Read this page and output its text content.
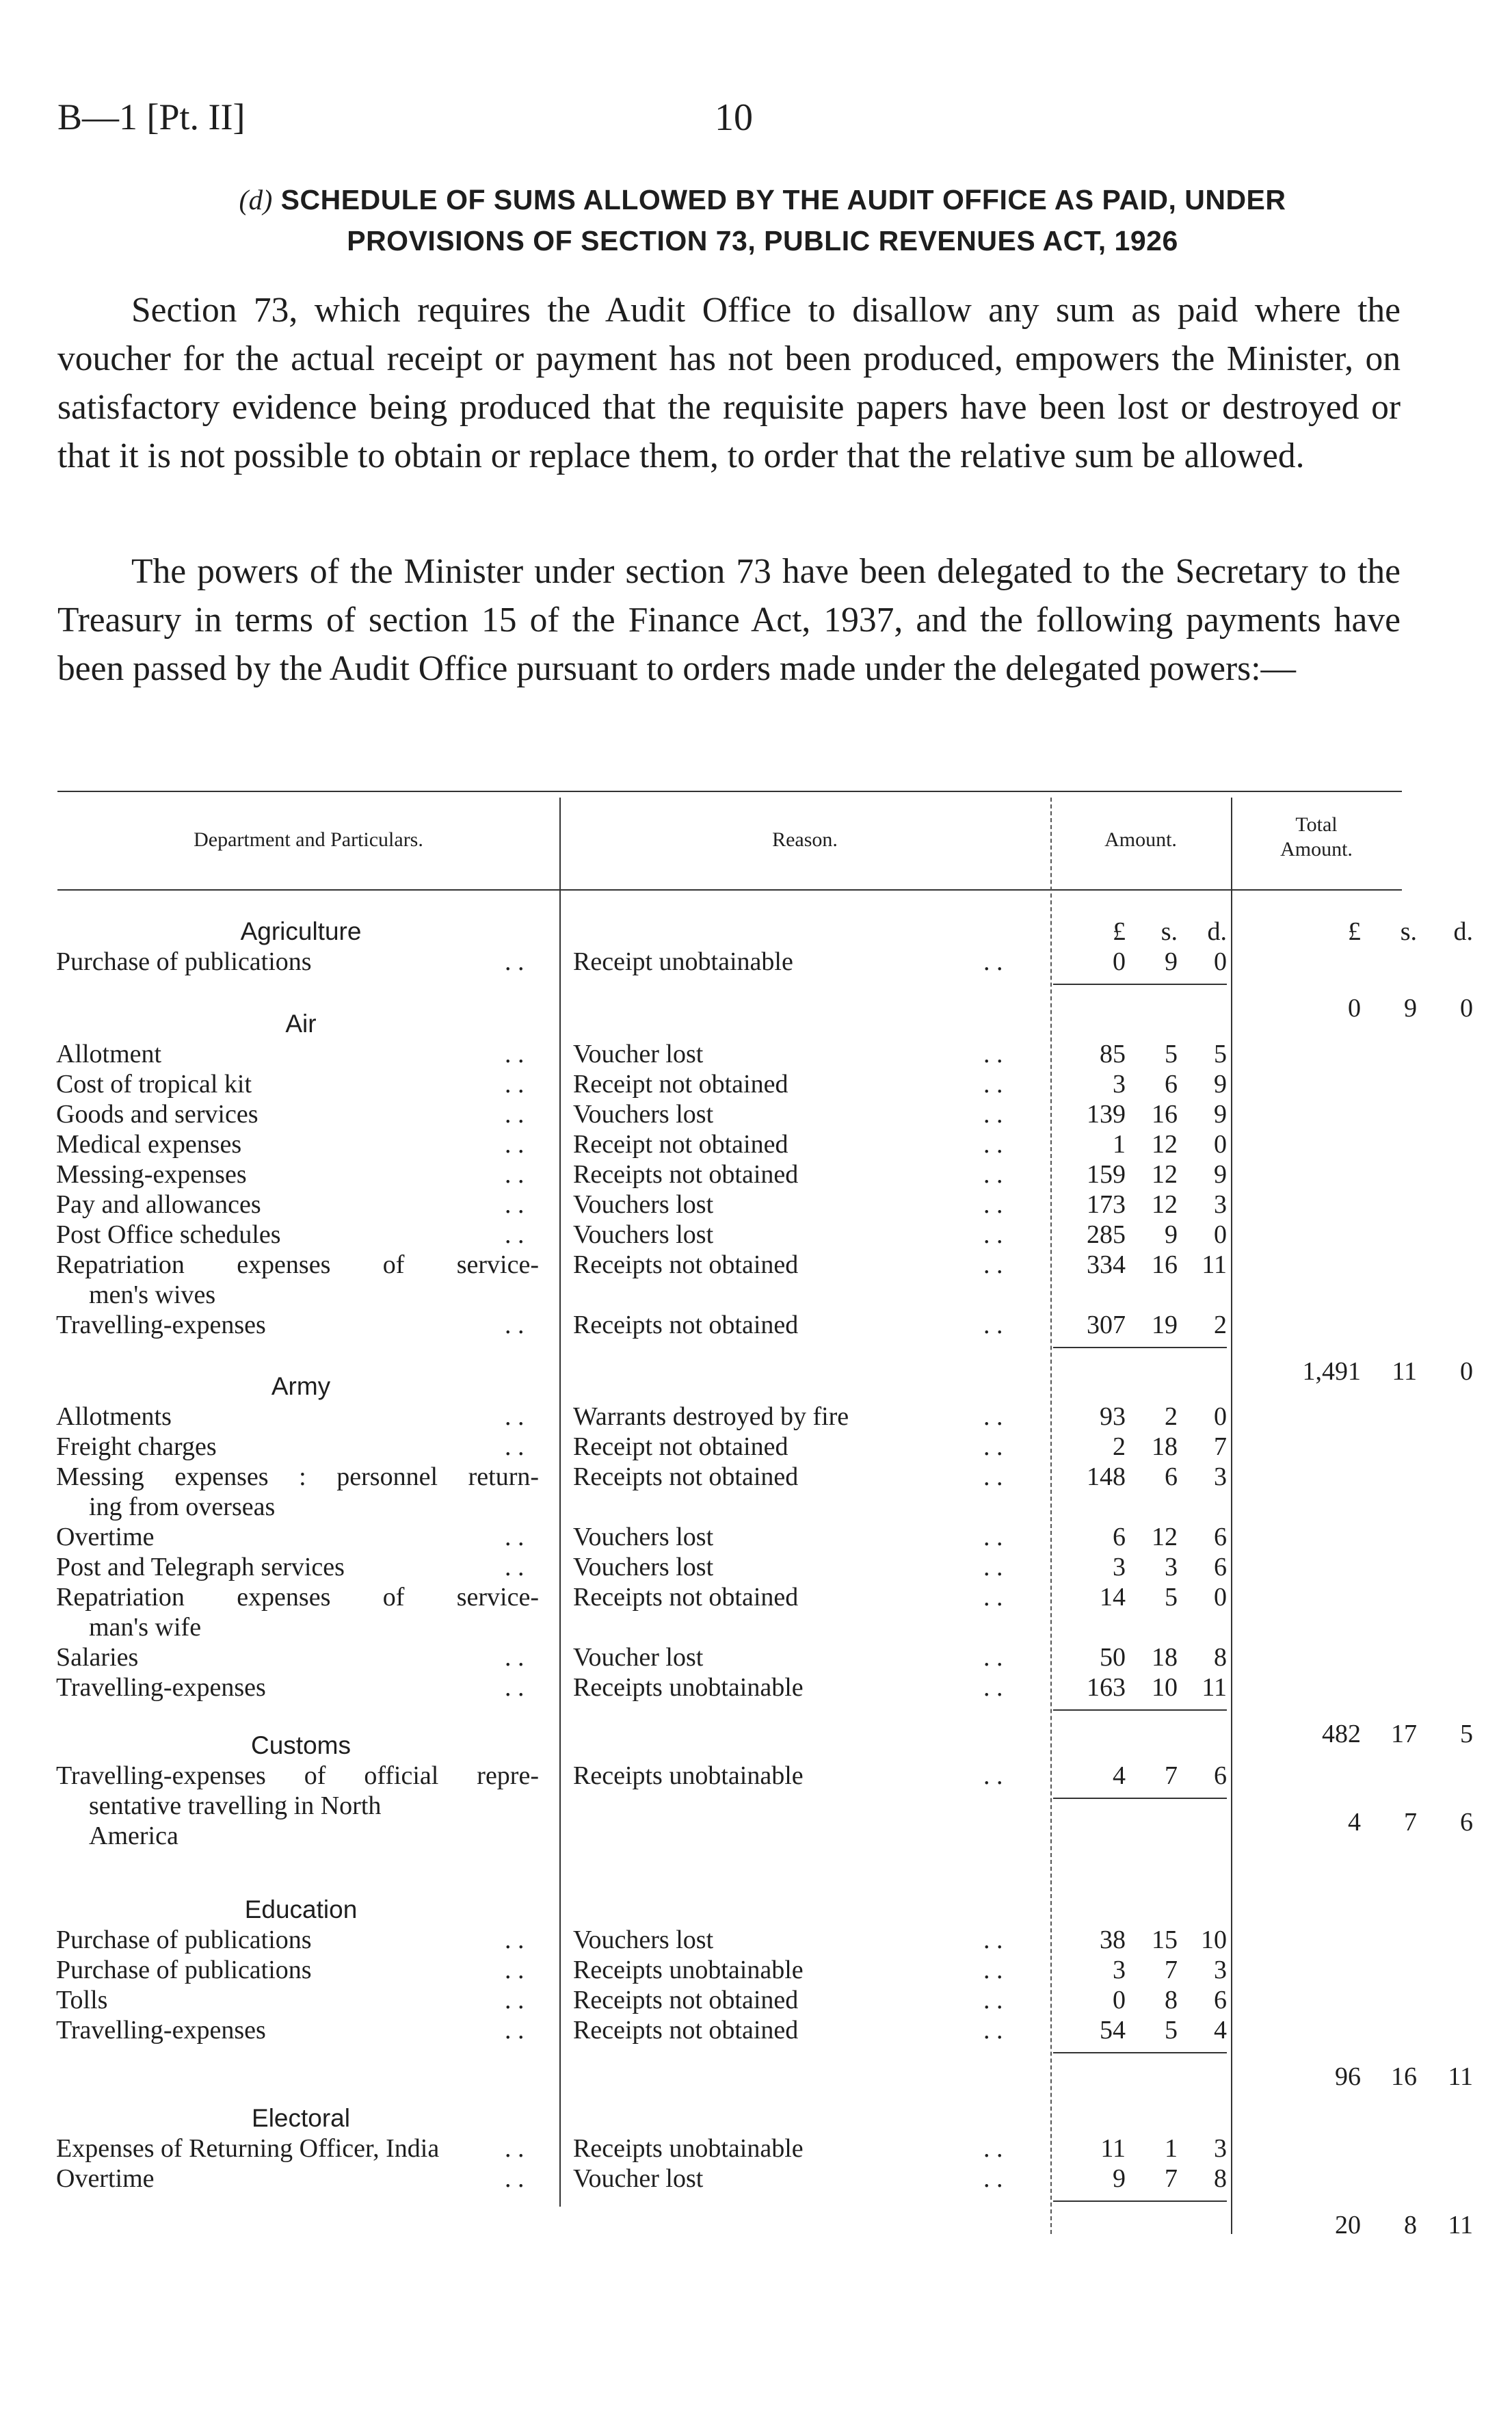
B—1 [Pt. II]	10
(d) SCHEDULE OF SUMS ALLOWED BY THE AUDIT OFFICE AS PAID, UNDER
PROVISIONS OF SECTION 73, PUBLIC REVENUES ACT, 1926

Section 73, which requires the Audit Office to disallow any sum as paid where the voucher for the actual receipt or payment has not been produced, empowers the Minister, on satisfactory evidence being produced that the requisite papers have been lost or destroyed or that it is not possible to obtain or replace them, to order that the relative sum be allowed.

The powers of the Minister under section 73 have been delegated to the Secretary to the Treasury in terms of section 15 of the Finance Act, 1937, and the following payments have been passed by the Audit Office pursuant to orders made under the delegated powers:—

Department and Particulars.	Reason.	Amount.
Total
Amount.
£	s.	d.	£	s.	d.
Agriculture
Purchase of publications	. . Receipt unobtainable	. .	0	9	0
0	9	0
Air
Allotment	. . Voucher lost	. .	85	5	5
Cost of tropical kit	. . Receipt not obtained	. .	3	6	9
Goods and services	. . Vouchers lost	. .	139	16	9
Medical expenses	. . Receipt not obtained	. .	1	12	0
Messing-expenses	. . Receipts not obtained	. .	159	12	9
Pay and allowances	. . Vouchers lost	. .	173	12	3
Post Office schedules	. . Vouchers lost	. .	285	9	0
Repatriation expenses of service- Receipts not obtained	. .	334	16 11
men's wives
Travelling-expenses	. . Receipts not obtained	. .	307	19	2
1,491	11	0
Army
Allotments	. . Warrants destroyed by fire	. .	93	2	0
Freight charges	. . Receipt not obtained	. .	2	18	7
Messing expenses : personnel return- Receipts not obtained	. .	148	6	3
ing from overseas
Overtime	. . Vouchers lost	. .	6	12	6
Post and Telegraph services	. . Vouchers lost	. .	3	3	6
Repatriation expenses of service- Receipts not obtained	. .	14	5	0
man's wife
Salaries	. . Voucher lost	. .	50	18	8
Travelling-expenses	. . Receipts unobtainable	. .	163	10 11
482	17	5
Customs
Travelling-expenses of official repre- Receipts unobtainable	. .	4	7	6
sentative travelling in North
America	4	7	6
Education
Purchase of publications	. . Vouchers lost	. .	38	15 10
Purchase of publications	. . Receipts unobtainable	. .	3	7	3
Tolls	. . Receipts not obtained	. .	0	8	6
Travelling-expenses	. . Receipts not obtained	. .	54	5	4
96	16	11
Electoral
Expenses of Returning Officer, India	. . Receipts unobtainable	. .	11	1	3
Overtime	. . Voucher lost	. .	9	7	8
20	8	11
